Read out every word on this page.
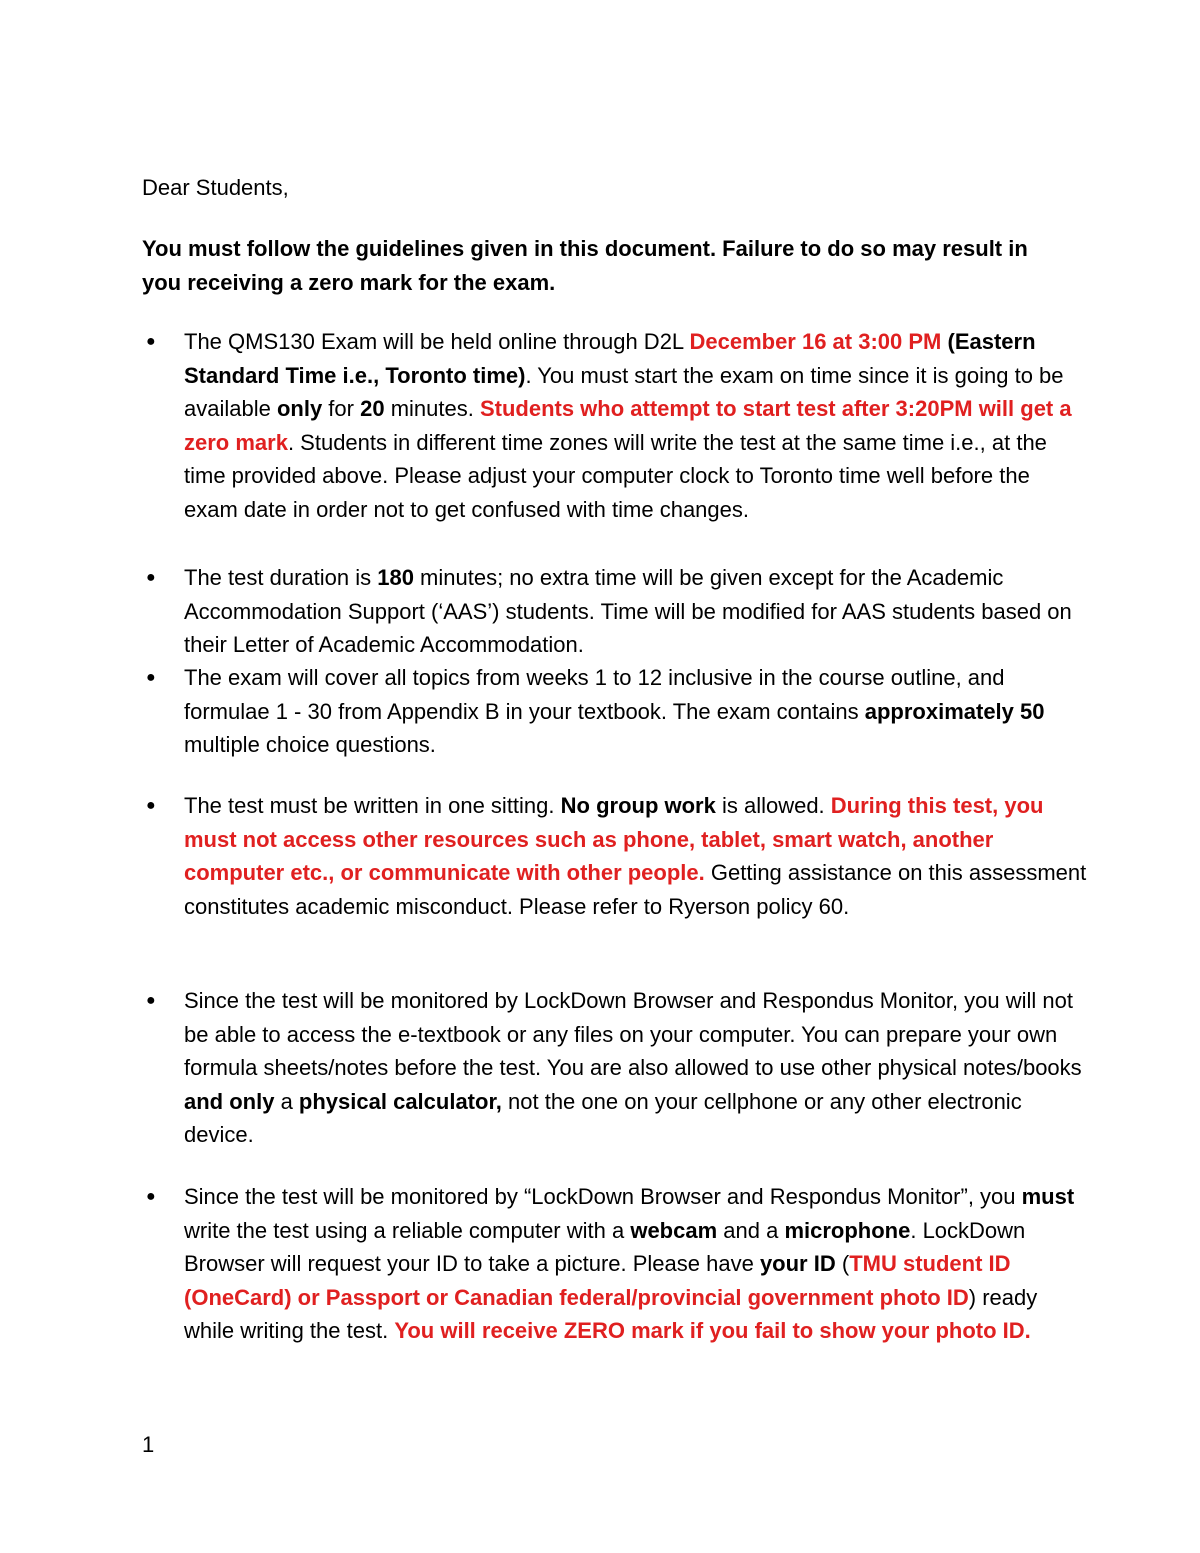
Dear Students,
You must follow the guidelines given in this document. Failure to do so may result in you receiving a zero mark for the exam.
● The QMS130 Exam will be held online through D2L December 16 at 3:00 PM (Eastern Standard Time i.e., Toronto time). You must start the exam on time since it is going to be available only for 20 minutes. Students who attempt to start test after 3:20PM will get a zero mark. Students in different time zones will write the test at the same time i.e., at the time provided above. Please adjust your computer clock to Toronto time well before the exam date in order not to get confused with time changes.
● The test duration is 180 minutes; no extra time will be given except for the Academic Accommodation Support (‘AAS’) students. Time will be modified for AAS students based on their Letter of Academic Accommodation.
● The exam will cover all topics from weeks 1 to 12 inclusive in the course outline, and formulae 1 - 30 from Appendix B in your textbook. The exam contains approximately 50 multiple choice questions.
● The test must be written in one sitting. No group work is allowed. During this test, you must not access other resources such as phone, tablet, smart watch, another computer etc., or communicate with other people. Getting assistance on this assessment constitutes academic misconduct. Please refer to Ryerson policy 60.
● Since the test will be monitored by LockDown Browser and Respondus Monitor, you will not be able to access the e-textbook or any files on your computer. You can prepare your own formula sheets/notes before the test. You are also allowed to use other physical notes/books and only a physical calculator, not the one on your cellphone or any other electronic device.
● Since the test will be monitored by “LockDown Browser and Respondus Monitor”, you must write the test using a reliable computer with a webcam and a microphone. LockDown Browser will request your ID to take a picture. Please have your ID (TMU student ID (OneCard) or Passport or Canadian federal/provincial government photo ID) ready while writing the test. You will receive ZERO mark if you fail to show your photo ID.
1
